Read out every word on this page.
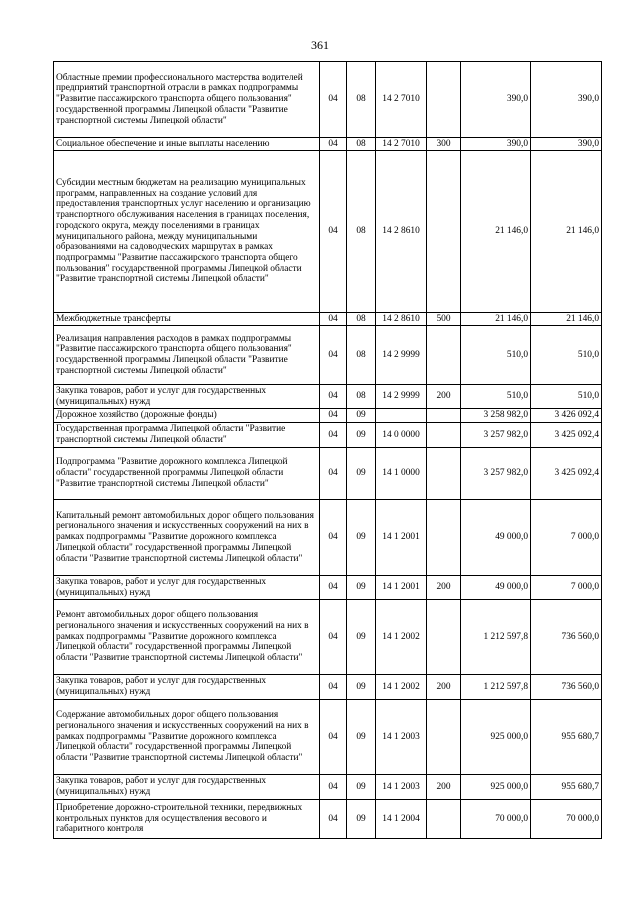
361
Областные премии профессионального мастерства водителей предприятий транспортной отрасли в рамках подпрограммы "Развитие пассажирского транспорта общего пользования" государственной программы Липецкой области "Развитие транспортной системы Липецкой области"	04	08	14 2 7010		390,0	390,0
Социальное обеспечение и иные выплаты населению	04	08	14 2 7010	300	390,0	390,0
Субсидии местным бюджетам на реализацию муниципальных программ, направленных на создание условий для предоставления транспортных услуг населению и организацию транспортного обслуживания населения в границах поселения, городского округа, между поселениями в границах муниципального района, между муниципальными образованиями на садоводческих маршрутах в рамках подпрограммы "Развитие пассажирского транспорта общего пользования" государственной программы Липецкой области "Развитие транспортной системы Липецкой области"	04	08	14 2 8610		21 146,0	21 146,0
Межбюджетные трансферты	04	08	14 2 8610	500	21 146,0	21 146,0
Реализация направления расходов в рамках подпрограммы "Развитие пассажирского транспорта общего пользования" государственной программы Липецкой области "Развитие транспортной системы Липецкой области"	04	08	14 2 9999		510,0	510,0
Закупка товаров, работ и услуг для государственных (муниципальных) нужд	04	08	14 2 9999	200	510,0	510,0
Дорожное хозяйство (дорожные фонды)	04	09			3 258 982,0	3 426 092,4
Государственная программа Липецкой области "Развитие транспортной системы Липецкой области"	04	09	14 0 0000		3 257 982,0	3 425 092,4
Подпрограмма "Развитие дорожного комплекса Липецкой области" государственной программы Липецкой области "Развитие транспортной системы Липецкой области"	04	09	14 1 0000		3 257 982,0	3 425 092,4
Капитальный ремонт автомобильных дорог общего пользования регионального значения и искусственных сооружений на них в рамках подпрограммы "Развитие дорожного комплекса Липецкой области" государственной программы Липецкой области "Развитие транспортной системы Липецкой области"	04	09	14 1 2001		49 000,0	7 000,0
Закупка товаров, работ и услуг для государственных (муниципальных) нужд	04	09	14 1 2001	200	49 000,0	7 000,0
Ремонт автомобильных дорог общего пользования регионального значения и искусственных сооружений на них в рамках подпрограммы "Развитие дорожного комплекса Липецкой области" государственной программы Липецкой области "Развитие транспортной системы Липецкой области"	04	09	14 1 2002		1 212 597,8	736 560,0
Закупка товаров, работ и услуг для государственных (муниципальных) нужд	04	09	14 1 2002	200	1 212 597,8	736 560,0
Содержание автомобильных дорог общего пользования регионального значения и искусственных сооружений на них в рамках подпрограммы "Развитие дорожного комплекса Липецкой области" государственной программы Липецкой области "Развитие транспортной системы Липецкой области"	04	09	14 1 2003		925 000,0	955 680,7
Закупка товаров, работ и услуг для государственных (муниципальных) нужд	04	09	14 1 2003	200	925 000,0	955 680,7
Приобретение дорожно-строительной техники, передвижных контрольных пунктов для осуществления весового и габаритного контроля	04	09	14 1 2004		70 000,0	70 000,0
